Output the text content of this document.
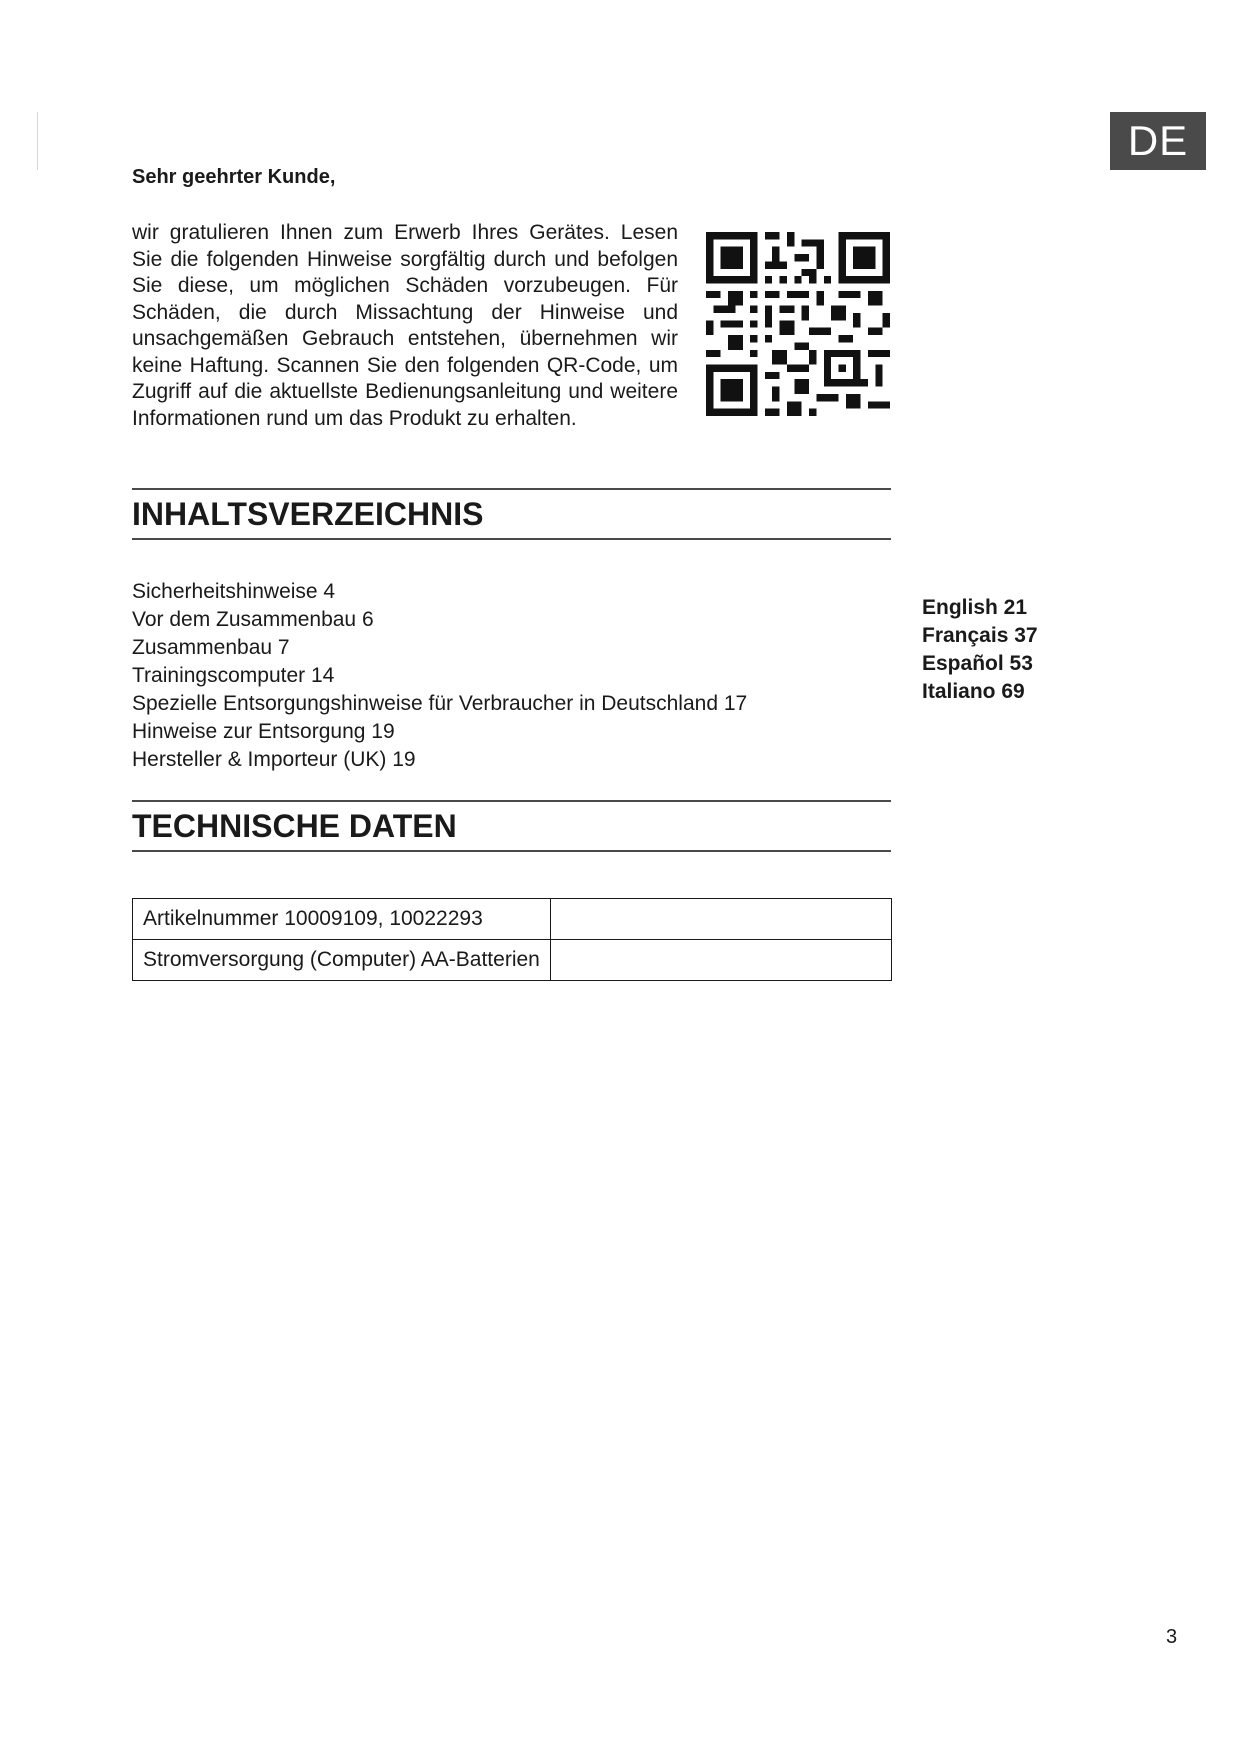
DE
Sehr geehrter Kunde,

wir gratulieren Ihnen zum Erwerb Ihres Gerätes. Lesen Sie die folgenden Hinweise sorgfältig durch und befolgen Sie diese, um möglichen Schäden vorzubeugen. Für Schäden, die durch Missachtung der Hinweise und unsachgemäßen Gebrauch entstehen, übernehmen wir keine Haftung. Scannen Sie den folgenden QR-Code, um Zugriff auf die aktuellste Bedienungsanleitung und weitere Informationen rund um das Produkt zu erhalten.

INHALTSVERZEICHNIS
Sicherheitshinweise 4
Vor dem Zusammenbau 6
Zusammenbau 7
Trainingscomputer 14
Spezielle Entsorgungshinweise für Verbraucher in Deutschland 17
Hinweise zur Entsorgung 19
Hersteller & Importeur (UK) 19
English 21
Français 37
Español 53
Italiano 69
TECHNISCHE DATEN
Artikelnummer 10009109, 10022293	
Stromversorgung (Computer) AA-Batterien	
3
